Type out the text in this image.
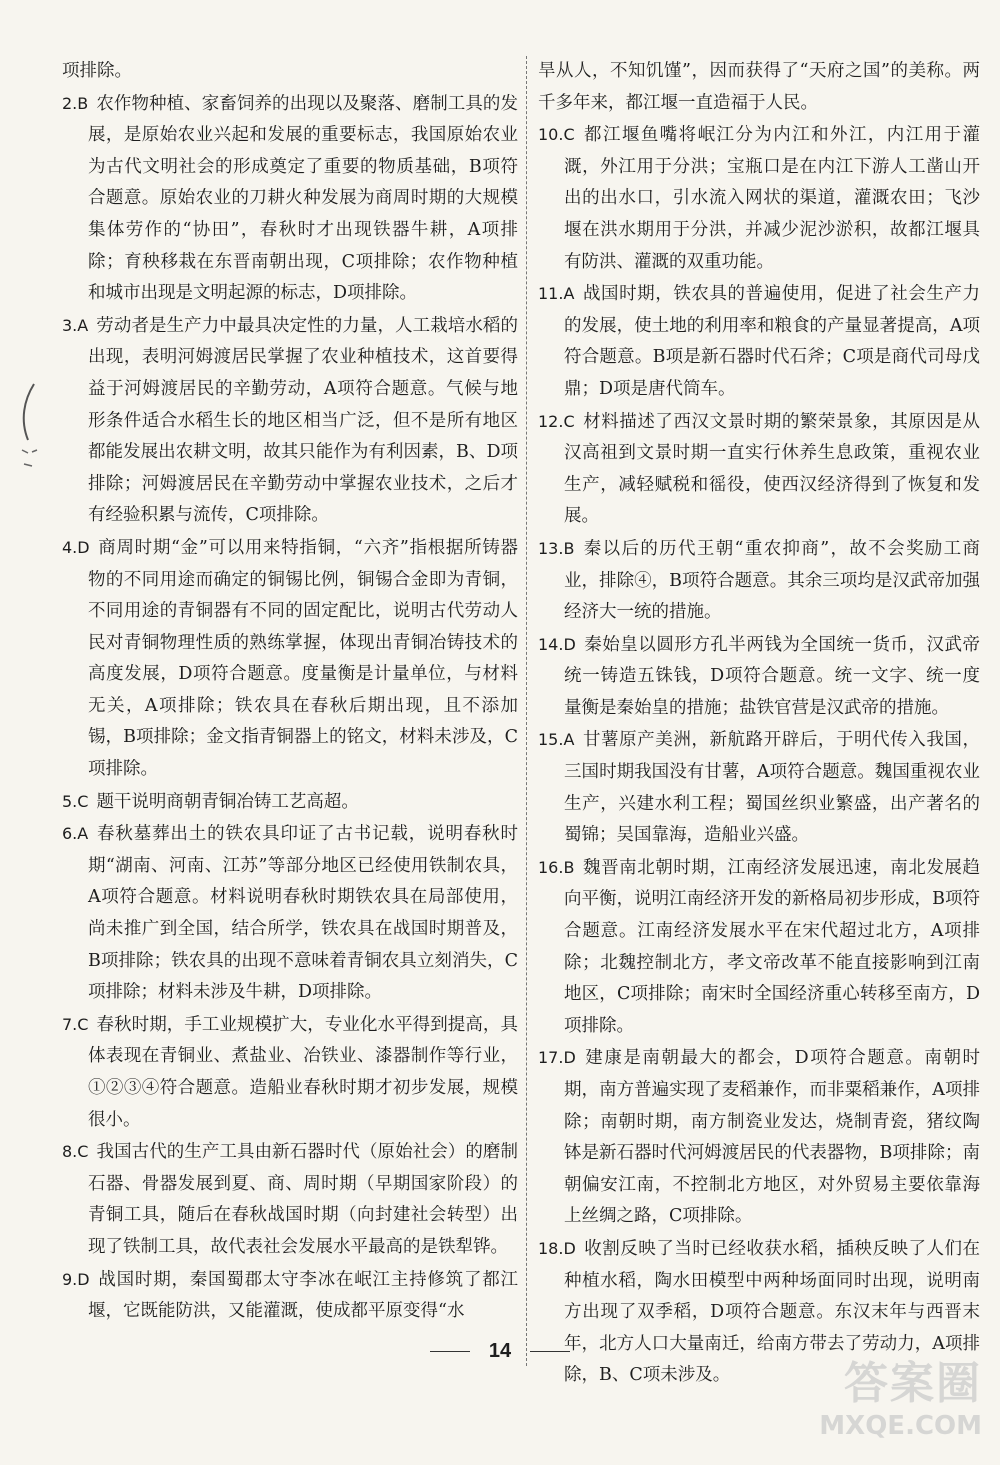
项排除。
2.B 农作物种植、家畜饲养的出现以及聚落、磨制工具的发展，是原始农业兴起和发展的重要标志，我国原始农业为古代文明社会的形成奠定了重要的物质基础，B项符合题意。原始农业的刀耕火种发展为商周时期的大规模集体劳作的“协田”，春秋时才出现铁器牛耕，A项排除；育秧移栽在东晋南朝出现，C项排除；农作物种植和城市出现是文明起源的标志，D项排除。
3.A 劳动者是生产力中最具决定性的力量，人工栽培水稻的出现，表明河姆渡居民掌握了农业种植技术，这首要得益于河姆渡居民的辛勤劳动，A项符合题意。气候与地形条件适合水稻生长的地区相当广泛，但不是所有地区都能发展出农耕文明，故其只能作为有利因素，B、D项排除；河姆渡居民在辛勤劳动中掌握农业技术，之后才有经验积累与流传，C项排除。
4.D 商周时期“金”可以用来特指铜，“六齐”指根据所铸器物的不同用途而确定的铜锡比例，铜锡合金即为青铜，不同用途的青铜器有不同的固定配比，说明古代劳动人民对青铜物理性质的熟练掌握，体现出青铜冶铸技术的高度发展，D项符合题意。度量衡是计量单位，与材料无关，A项排除；铁农具在春秋后期出现，且不添加锡，B项排除；金文指青铜器上的铭文，材料未涉及，C项排除。
5.C 题干说明商朝青铜冶铸工艺高超。
6.A 春秋墓葬出土的铁农具印证了古书记载，说明春秋时期“湖南、河南、江苏”等部分地区已经使用铁制农具，A项符合题意。材料说明春秋时期铁农具在局部使用，尚未推广到全国，结合所学，铁农具在战国时期普及，B项排除；铁农具的出现不意味着青铜农具立刻消失，C项排除；材料未涉及牛耕，D项排除。
7.C 春秋时期，手工业规模扩大，专业化水平得到提高，具体表现在青铜业、煮盐业、冶铁业、漆器制作等行业，①②③④符合题意。造船业春秋时期才初步发展，规模很小。
8.C 我国古代的生产工具由新石器时代（原始社会）的磨制石器、骨器发展到夏、商、周时期（早期国家阶段）的青铜工具，随后在春秋战国时期（向封建社会转型）出现了铁制工具，故代表社会发展水平最高的是铁犁铧。
9.D 战国时期，秦国蜀郡太守李冰在岷江主持修筑了都江堰，它既能防洪，又能灌溉，使成都平原变得“水
旱从人，不知饥馑”，因而获得了“天府之国”的美称。两千多年来，都江堰一直造福于人民。
10.C 都江堰鱼嘴将岷江分为内江和外江，内江用于灌溉，外江用于分洪；宝瓶口是在内江下游人工凿山开出的出水口，引水流入网状的渠道，灌溉农田；飞沙堰在洪水期用于分洪，并减少泥沙淤积，故都江堰具有防洪、灌溉的双重功能。
11.A 战国时期，铁农具的普遍使用，促进了社会生产力的发展，使土地的利用率和粮食的产量显著提高，A项符合题意。B项是新石器时代石斧；C项是商代司母戊鼎；D项是唐代筒车。
12.C 材料描述了西汉文景时期的繁荣景象，其原因是从汉高祖到文景时期一直实行休养生息政策，重视农业生产，减轻赋税和徭役，使西汉经济得到了恢复和发展。
13.B 秦以后的历代王朝“重农抑商”，故不会奖励工商业，排除④，B项符合题意。其余三项均是汉武帝加强经济大一统的措施。
14.D 秦始皇以圆形方孔半两钱为全国统一货币，汉武帝统一铸造五铢钱，D项符合题意。统一文字、统一度量衡是秦始皇的措施；盐铁官营是汉武帝的措施。
15.A 甘薯原产美洲，新航路开辟后，于明代传入我国，三国时期我国没有甘薯，A项符合题意。魏国重视农业生产，兴建水利工程；蜀国丝织业繁盛，出产著名的蜀锦；吴国靠海，造船业兴盛。
16.B 魏晋南北朝时期，江南经济发展迅速，南北发展趋向平衡，说明江南经济开发的新格局初步形成，B项符合题意。江南经济发展水平在宋代超过北方，A项排除；北魏控制北方，孝文帝改革不能直接影响到江南地区，C项排除；南宋时全国经济重心转移至南方，D项排除。
17.D 建康是南朝最大的都会，D项符合题意。南朝时期，南方普遍实现了麦稻兼作，而非粟稻兼作，A项排除；南朝时期，南方制瓷业发达，烧制青瓷，猪纹陶钵是新石器时代河姆渡居民的代表器物，B项排除；南朝偏安江南，不控制北方地区，对外贸易主要依靠海上丝绸之路，C项排除。
18.D 收割反映了当时已经收获水稻，插秧反映了人们在种植水稻，陶水田模型中两种场面同时出现，说明南方出现了双季稻，D项符合题意。东汉末年与西晋末年，北方人口大量南迁，给南方带去了劳动力，A项排除，B、C项未涉及。
14
答案圈
MXQE.COM
